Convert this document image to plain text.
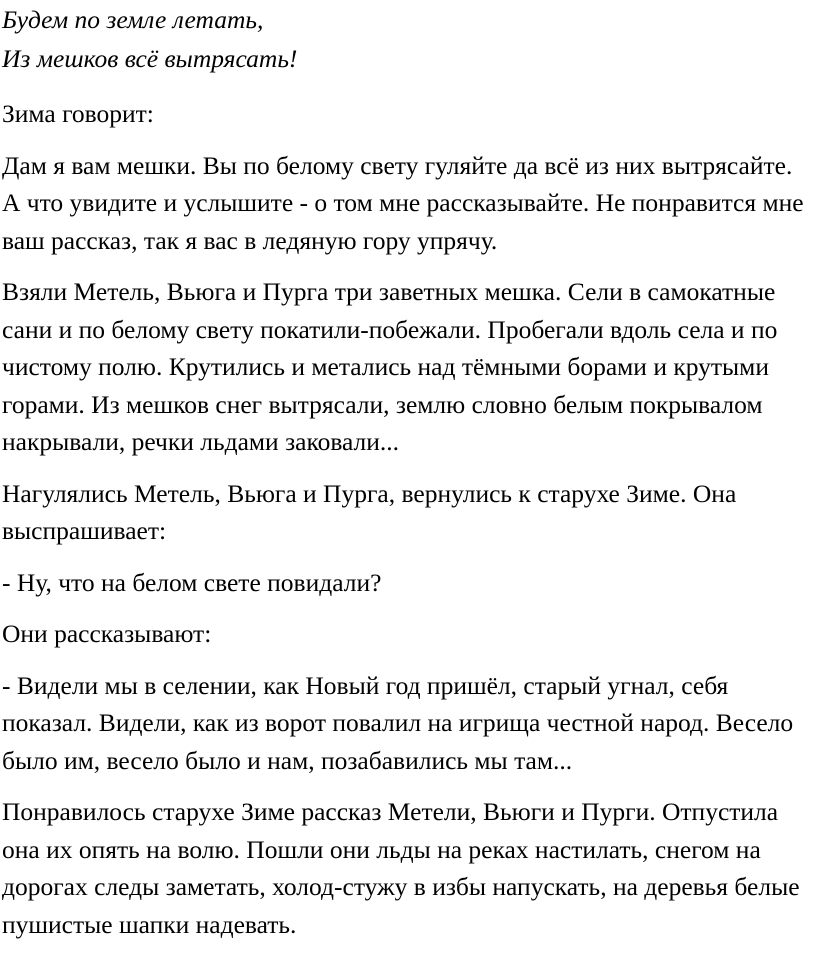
Будем по земле летать,
Из мешков всё вытрясать!

Зима говорит:

Дам я вам мешки. Вы по белому свету гуляйте да всё из них вытрясайте. А что увидите и услышите - о том мне рассказывайте. Не понравится мне ваш рассказ, так я вас в ледяную гору упрячу.

Взяли Метель, Вьюга и Пурга три заветных мешка. Сели в самокатные сани и по белому свету покатили-побежали. Пробегали вдоль села и по чистому полю. Крутились и метались над тёмными борами и крутыми горами. Из мешков снег вытрясали, землю словно белым покрывалом накрывали, речки льдами заковали...

Нагулялись Метель, Вьюга и Пурга, вернулись к старухе Зиме. Она выспрашивает:

- Ну, что на белом свете повидали?

Они рассказывают:

- Видели мы в селении, как Новый год пришёл, старый угнал, себя показал. Видели, как из ворот повалил на игрища честной народ. Весело было им, весело было и нам, позабавились мы там...

Понравилось старухе Зиме рассказ Метели, Вьюги и Пурги. Отпустила она их опять на волю. Пошли они льды на реках настилать, снегом на дорогах следы заметать, холод-стужу в избы напускать, на деревья белые пушистые шапки надевать.
